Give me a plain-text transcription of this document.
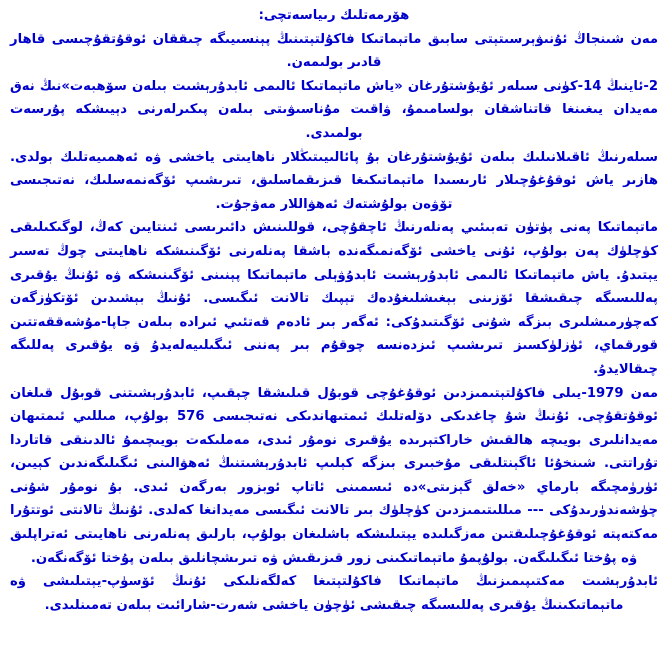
ھۆرمەتلىك رىياسەتچى:

مەن شىنجاڭ ئۇنىۋېرسىتېتى سابىق ماتېماتىكا فاكۇلتېتىنىڭ پېنسىيىگە چىققان ئوقۇتقۇچىسى قاھار قادىر بولىمەن.

2-ئاينىڭ 14-كۈنى سىلەر ئۇيۇشتۇرغان «ياش ماتېماتىكا ئالىمى ئابدۇرېشىت بىلەن سۆھبەت»نىڭ نەق مەيدان يىغىنغا قاتناشقان بولسامىمۇ، ۋاقىت مۇناسىۋىتى بىلەن پىكىرلەرنى دېيىشكە پۇرسەت بولمىدى.

سىلەرنىڭ ئاقىلانىلىك بىلەن ئۇيۇشتۇرغان بۇ پائالىيىتىڭلار ناھايىتى ياخشى ۋە ئەھمىيەتلىك بولدى. ھازىر ياش ئوقۇغۇچىلار ئارىسىدا ماتېماتىكىغا قىزىقماسلىق، تىرىشىپ ئۆگەنمەسلىك، نەتىجىسى تۆۋەن بولۇشتەك ئەھۋاللار مەۋجۇت.

ماتېماتىكا پەنى پۈتۈن تەبىئىي پەنلەرنىڭ ئاچقۇچى، قوللىنىش دائىرىسى ئىنتايىن كەڭ، لوگىكىلىقى كۈچلۈك پەن بولۇپ، ئۇنى ياخشى ئۆگەنمىگەندە باشقا پەنلەرنى ئۆگىنىشكە ناھايىتى چوڭ تەسىر يېتىدۇ. ياش ماتېماتىكا ئالىمى ئابدۇرېشىت ئابدۇۋېلى ماتېماتىكا پېنىنى ئۆگىنىشكە ۋە ئۇنىڭ يۇقىرى پەللىسىگە چىقىشقا ئۆزىنى بېغىشلىغۇدەك تېپىك تالانت ئىگىسى. ئۇنىڭ بېشىدىن ئۆتكۈزگەن كەچۈرمىشلىرى بىزگە شۇنى ئۆگىتىدۇكى: ئەگەر بىر ئادەم قەتئىي ئىرادە بىلەن جاپا-مۇشەققەتتىن قورقماي، ئۈزلۈكسىز تىرىشىپ ئىزدەنسە چوقۇم بىر پەننى ئىگىلىيەلەيدۇ ۋە يۇقىرى پەللىگە چىقالايدۇ.

مەن 1979-يىلى فاكۇلتېتىمىزدىن ئوقۇغۇچى قوبۇل قىلىشقا چېقىپ، ئابدۇرېشىتنى قوبۇل قىلغان ئوقۇتقۇچى. ئۇنىڭ شۇ چاغدىكى دۆلەتلىك ئىمتىھاندىكى نەتىجىسى 576 بولۇپ، مىللىي ئىمتىھان مەيدانلىرى بويىچە ھالقىش خاراكتېرىدە يۇقىرى نومۇر ئىدى، مەملىكەت بويىچىمۇ ئالدىنقى قاتاردا تۇراتتى. شىنخۇئا ئاگېنتلىقى مۇخبىرى بىزگە كېلىپ ئابدۇرېشىتنىڭ ئەھۋالىنى ئىگىلىگەندىن كېيىن، ئۈرۈمچىگە بارماي «خەلق گېزىتى»دە ئىسمىنى ئاتاپ ئوبزور بەرگەن ئىدى. بۇ نومۇر شۇنى چۈشەندۈرىدۇكى --- مىللىتىمىزدىن كۈچلۈك بىر تالانت ئىگىسى مەيدانغا كەلدى. ئۇنىڭ تالانتى ئوتتۇرا مەكتەپتە ئوقۇغۇچىلىقتىن مەزگىلىدە يېتىلىشكە باشلىغان بولۇپ، بارلىق پەنلەرنى ناھايىتى ئەتراپلىق ۋە پۇختا ئىگىلىگەن. بولۇپمۇ ماتېماتىكىنى زور قىزىقىش ۋە تىرىشچانلىق بىلەن پۇختا ئۆگەنگەن.

ئابدۇرېشىت مەكتىپىمىزنىڭ ماتېماتىكا فاكۇلتېتىغا كەلگەنلىكى ئۇنىڭ ئۆسۈپ-يېتىلىشى ۋە ماتېماتىكىنىڭ يۇقىرى پەللىسىگە چىقىشى ئۈچۈن ياخشى شەرت-شارائىت بىلەن تەمىنلىدى.
